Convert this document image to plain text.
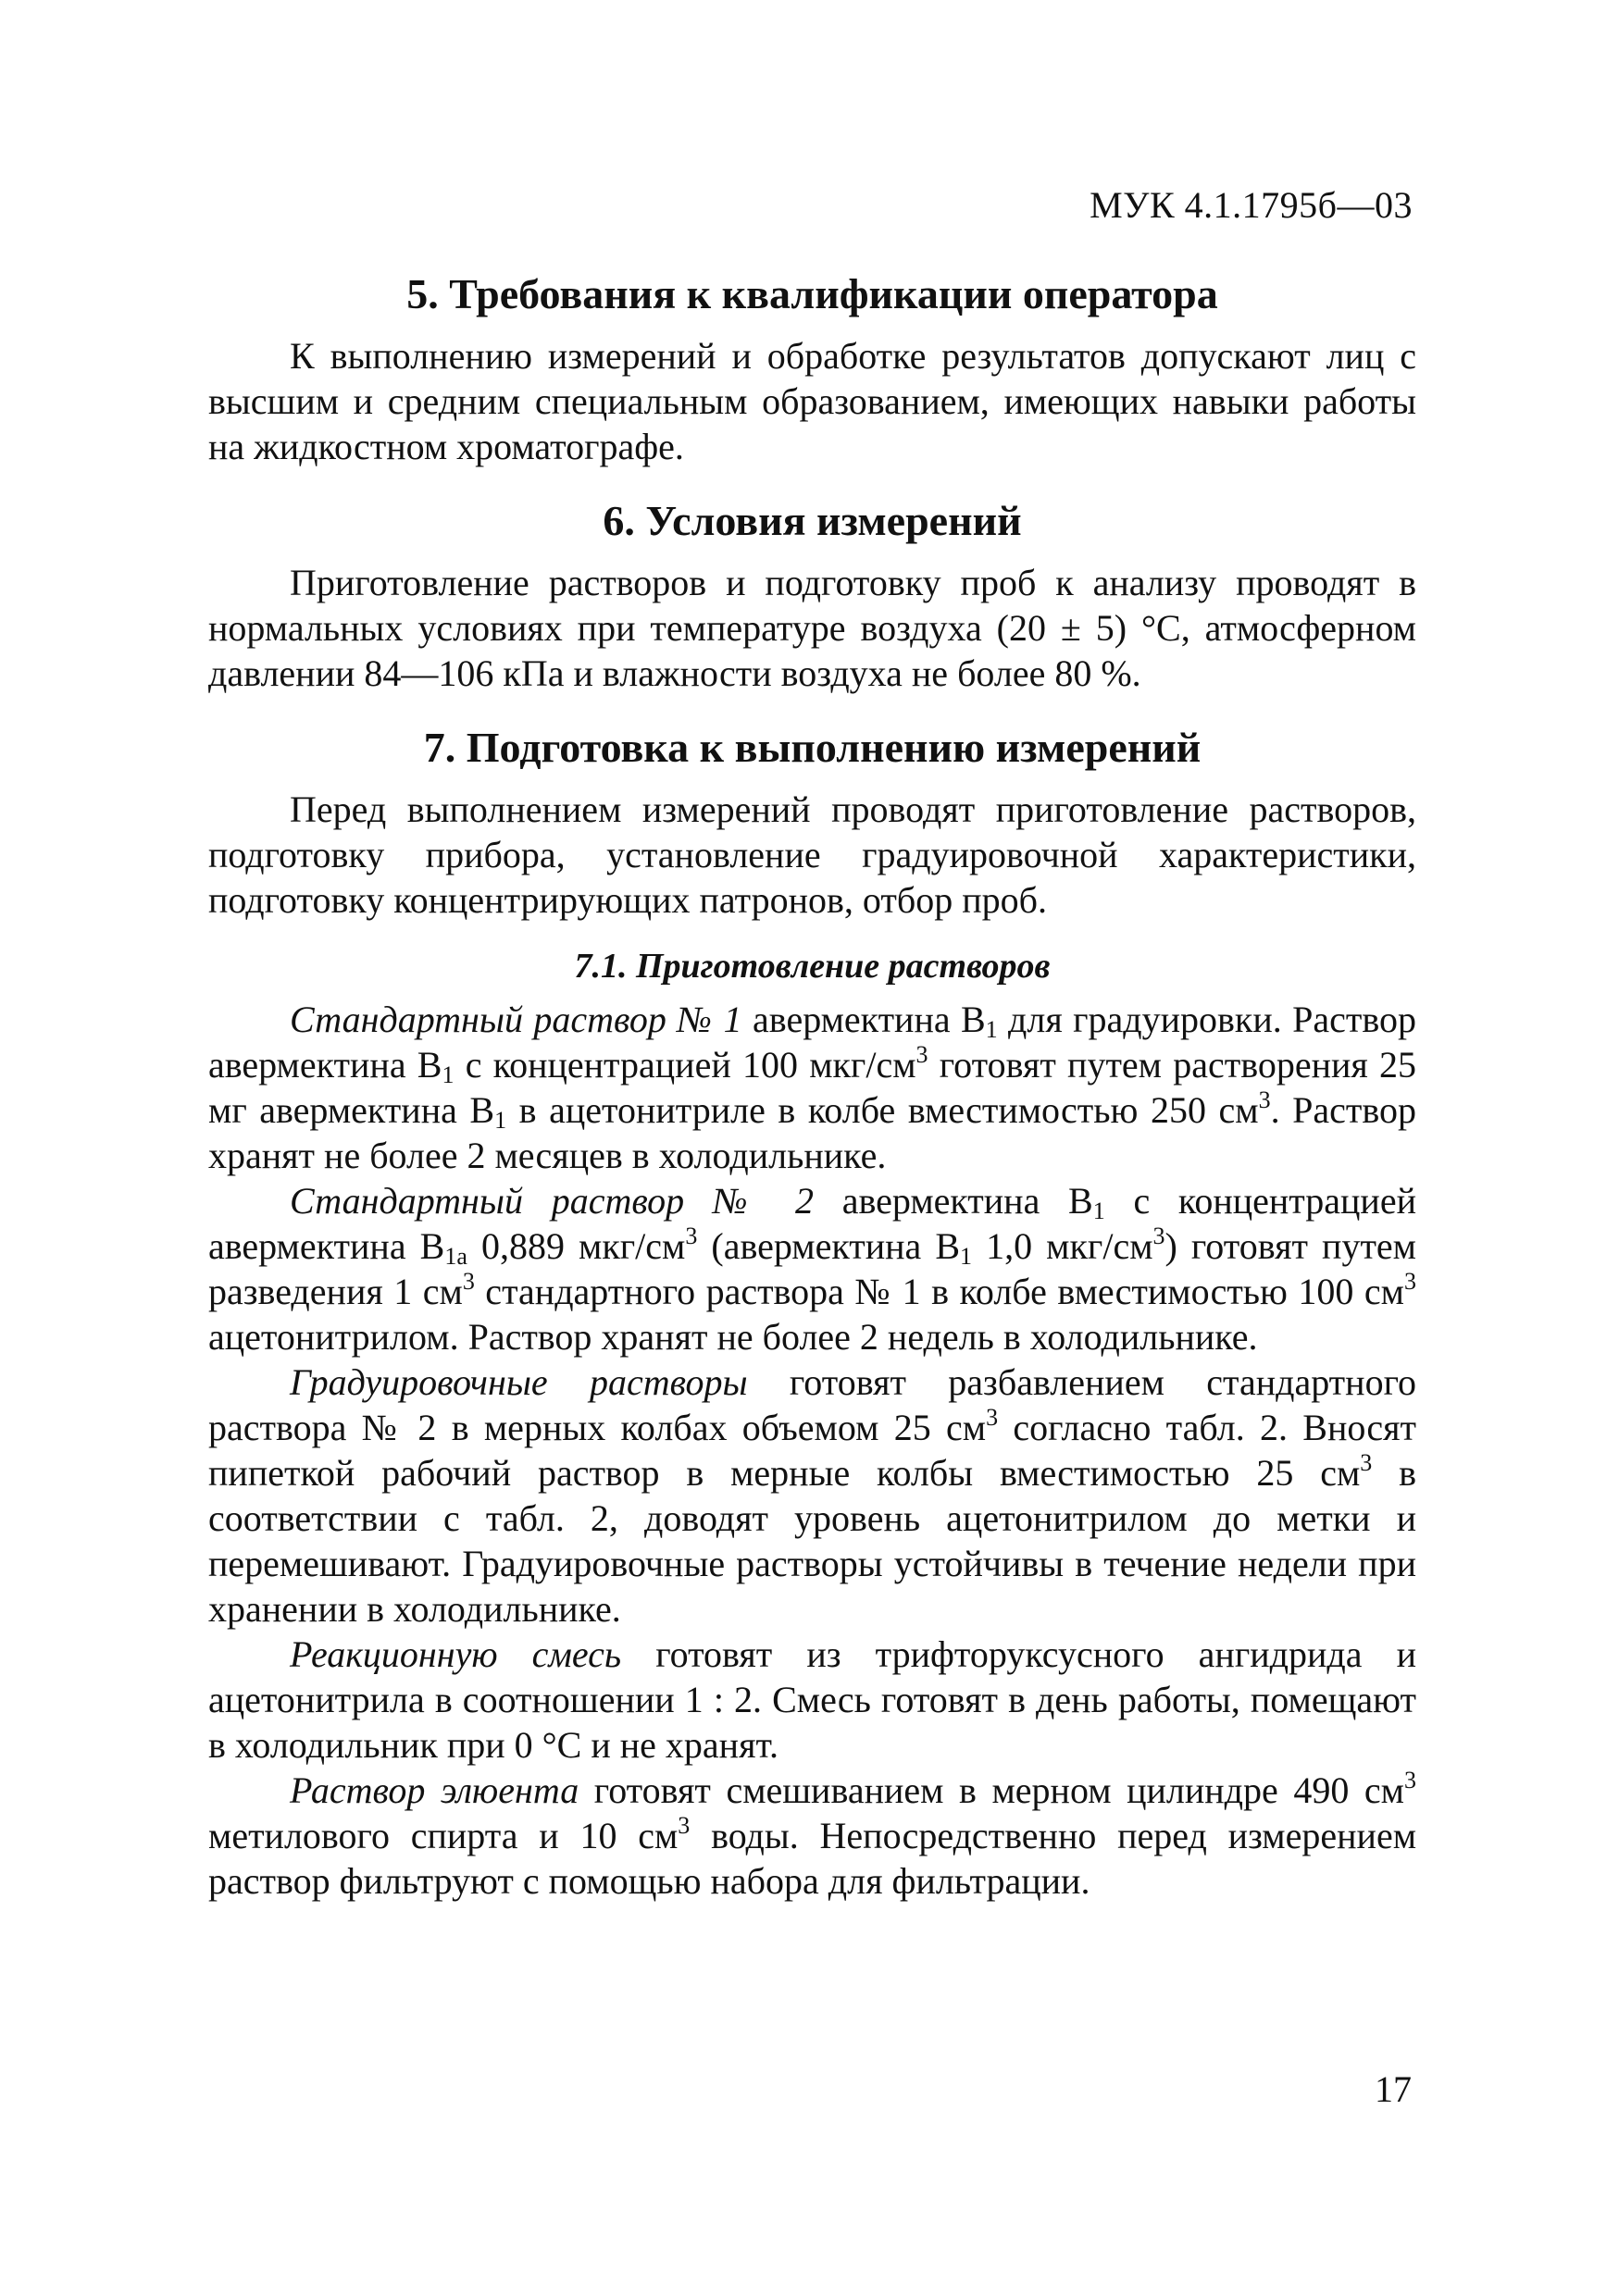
МУК 4.1.1795б—03
5. Требования к квалификации оператора

К выполнению измерений и обработке результатов допускают лиц с высшим и средним специальным образованием, имеющих навыки работы на жидкостном хроматографе.

6. Условия измерений

Приготовление растворов и подготовку проб к анализу проводят в нормальных условиях при температуре воздуха (20 ± 5) °С, атмосферном давлении 84—106 кПа и влажности воздуха не более 80 %.

7. Подготовка к выполнению измерений

Перед выполнением измерений проводят приготовление растворов, подготовку прибора, установление градуировочной характеристики, подготовку концентрирующих патронов, отбор проб.

7.1. Приготовление растворов

Стандартный раствор № 1 авермектина $В_1$ для градуировки. Раствор авермектина $В_1$ с концентрацией 100 мкг/$см^3$ готовят путем растворения 25 мг авермектина $В_1$ в ацетонитриле в колбе вместимостью 250 $см^3$. Раствор хранят не более 2 месяцев в холодильнике.

Стандартный раствор № 2 авермектина $В_1$ с концентрацией авермектина $В_{1а}$ 0,889 мкг/$см^3$ (авермектина $В_1$ 1,0 мкг/$см^3$) готовят путем разведения 1 $см^3$ стандартного раствора № 1 в колбе вместимостью 100 $см^3$ ацетонитрилом. Раствор хранят не более 2 недель в холодильнике.

Градуировочные растворы готовят разбавлением стандартного раствора № 2 в мерных колбах объемом 25 $см^3$ согласно табл. 2. Вносят пипеткой рабочий раствор в мерные колбы вместимостью 25 $см^3$ в соответствии с табл. 2, доводят уровень ацетонитрилом до метки и перемешивают. Градуировочные растворы устойчивы в течение недели при хранении в холодильнике.

Реакционную смесь готовят из трифторуксусного ангидрида и ацетонитрила в соотношении 1 : 2. Смесь готовят в день работы, помещают в холодильник при 0 °С и не хранят.

Раствор элюента готовят смешиванием в мерном цилиндре 490 $см^3$ метилового спирта и 10 $см^3$ воды. Непосредственно перед измерением раствор фильтруют с помощью набора для фильтрации.

17
